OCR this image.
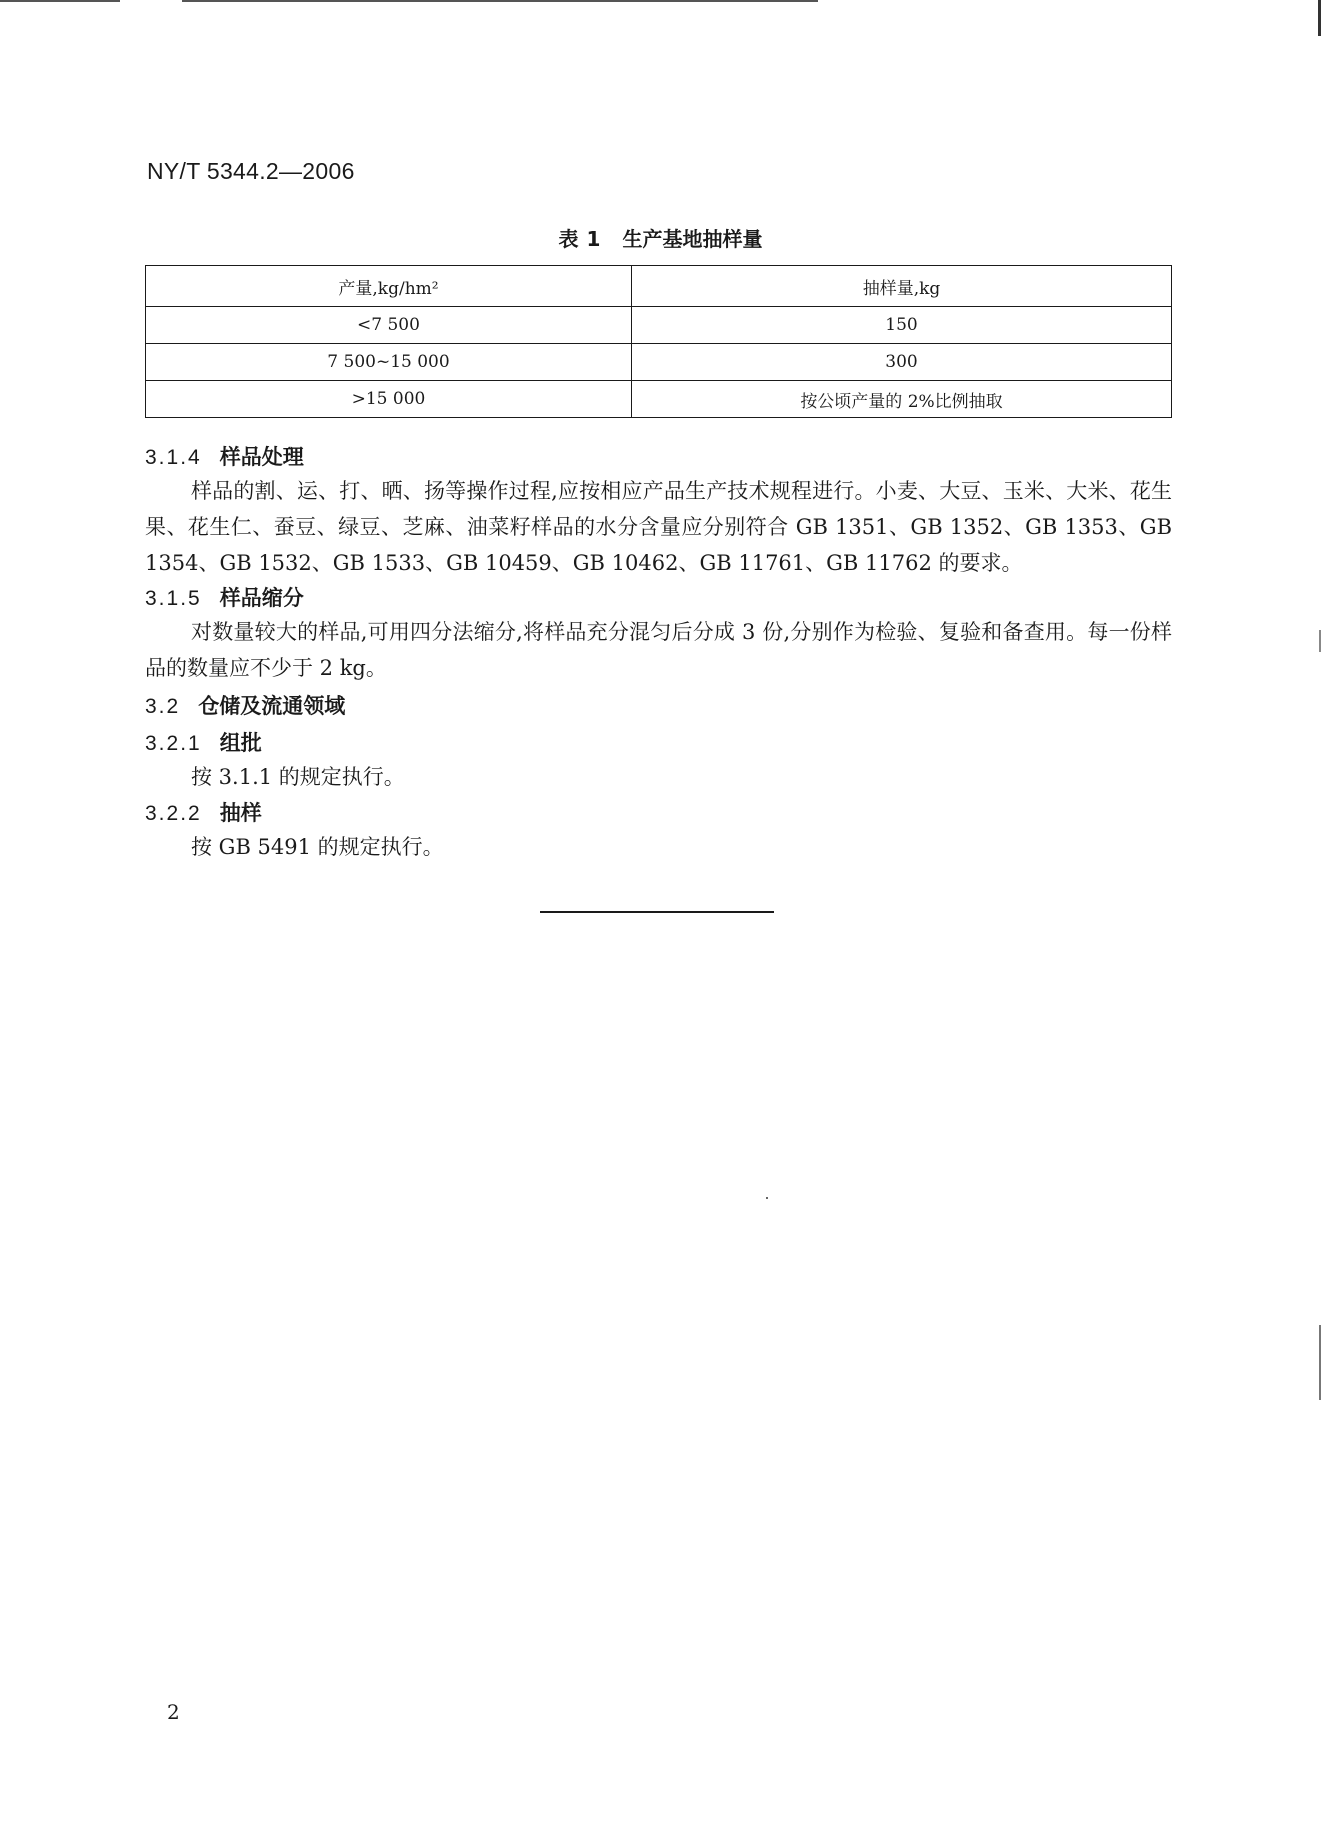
NY/T 5344.2—2006

表 1 生产基地抽样量

产量,kg/hm²	抽样量,kg
<7 500	150
7 500~15 000	300
>15 000	按公顷产量的 2%比例抽取
3.1.4 样品处理

样品的割、运、打、晒、扬等操作过程,应按相应产品生产技术规程进行。小麦、大豆、玉米、大米、花生果、花生仁、蚕豆、绿豆、芝麻、油菜籽样品的水分含量应分别符合 GB 1351、GB 1352、GB 1353、GB 1354、GB 1532、GB 1533、GB 10459、GB 10462、GB 11761、GB 11762 的要求。

3.1.5 样品缩分

对数量较大的样品,可用四分法缩分,将样品充分混匀后分成 3 份,分别作为检验、复验和备查用。每一份样品的数量应不少于 2 kg。

3.2 仓储及流通领域
3.2.1 组批

按 3.1.1 的规定执行。

3.2.2 抽样

按 GB 5491 的规定执行。

2
